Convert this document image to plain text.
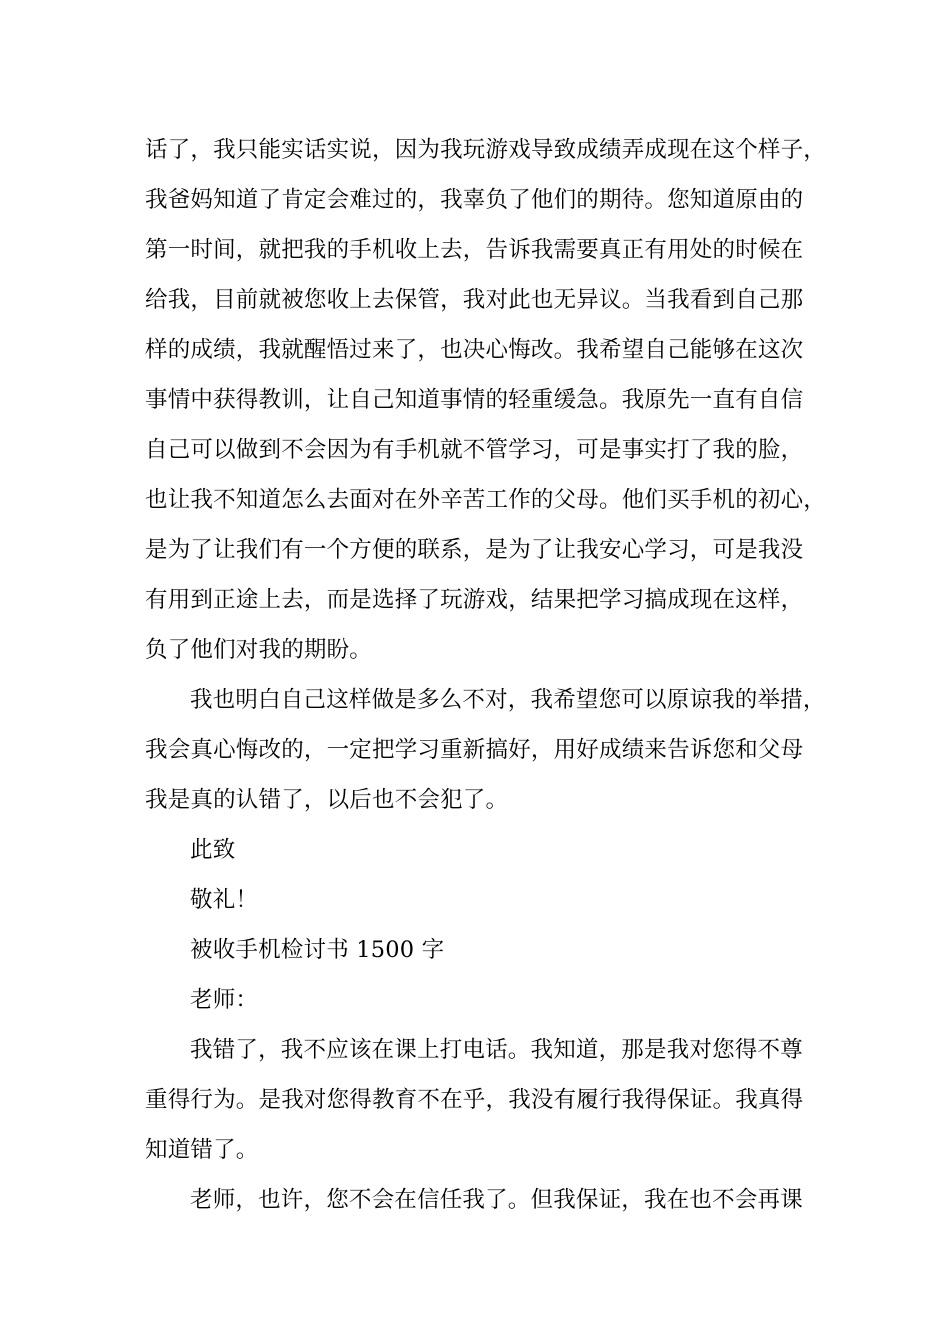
话了，我只能实话实说，因为我玩游戏导致成绩弄成现在这个样子，
我爸妈知道了肯定会难过的，我辜负了他们的期待。您知道原由的
第一时间，就把我的手机收上去，告诉我需要真正有用处的时候在
给我，目前就被您收上去保管，我对此也无异议。当我看到自己那
样的成绩，我就醒悟过来了，也决心悔改。我希望自己能够在这次
事情中获得教训，让自己知道事情的轻重缓急。我原先一直有自信
自己可以做到不会因为有手机就不管学习，可是事实打了我的脸，
也让我不知道怎么去面对在外辛苦工作的父母。他们买手机的初心，
是为了让我们有一个方便的联系，是为了让我安心学习，可是我没
有用到正途上去，而是选择了玩游戏，结果把学习搞成现在这样，
负了他们对我的期盼。
我也明白自己这样做是多么不对，我希望您可以原谅我的举措，
我会真心悔改的，一定把学习重新搞好，用好成绩来告诉您和父母
我是真的认错了，以后也不会犯了。
此致
敬礼！
被收手机检讨书 1500 字
老师：
我错了，我不应该在课上打电话。我知道，那是我对您得不尊
重得行为。是我对您得教育不在乎，我没有履行我得保证。我真得
知道错了。
老师，也许，您不会在信任我了。但我保证，我在也不会再课
